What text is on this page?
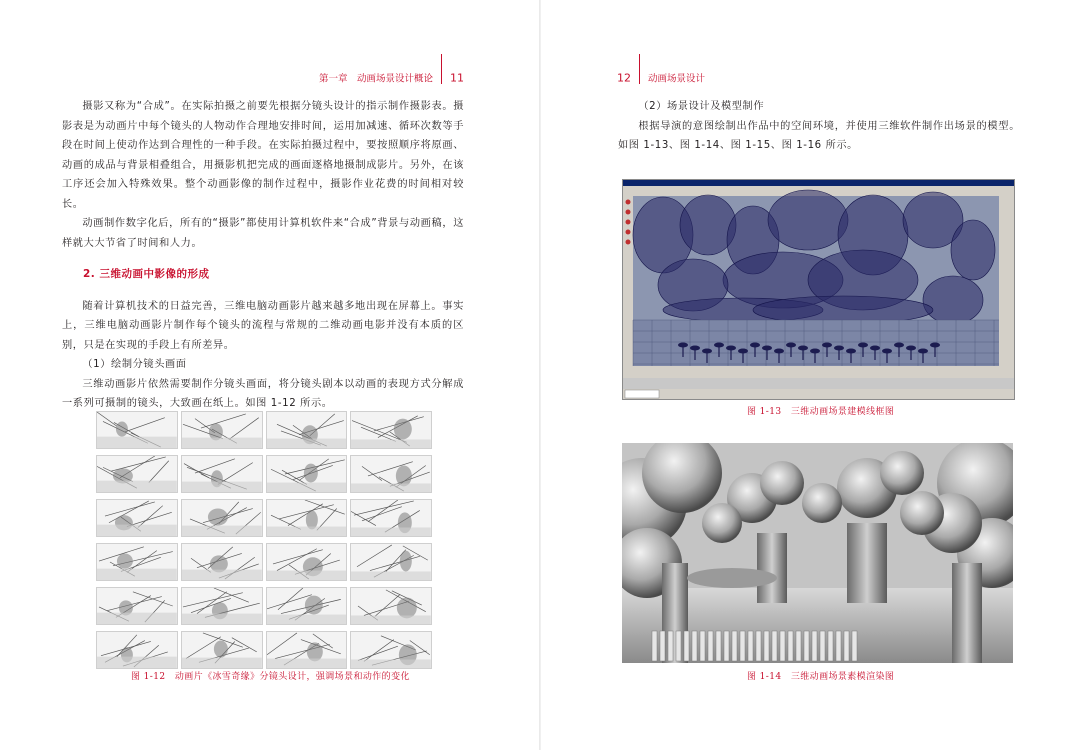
第一章　动画场景设计概论 11

摄影又称为“合成”。在实际拍摄之前要先根据分镜头设计的指示制作摄影表。摄影表是为动画片中每个镜头的人物动作合理地安排时间，运用加减速、循环次数等手段在时间上使动作达到合理性的一种手段。在实际拍摄过程中，要按照顺序将原画、动画的成品与背景相叠组合，用摄影机把完成的画面逐格地摄制成影片。另外，在该工序还会加入特殊效果。整个动画影像的制作过程中，摄影作业花费的时间相对较长。

动画制作数字化后，所有的“摄影”都使用计算机软件来“合成”背景与动画稿，这样就大大节省了时间和人力。

2. 三维动画中影像的形成

随着计算机技术的日益完善，三维电脑动画影片越来越多地出现在屏幕上。事实上，三维电脑动画影片制作每个镜头的流程与常规的二维动画电影并没有本质的区别，只是在实现的手段上有所差异。

（1）绘制分镜头画面

三维动画影片依然需要制作分镜头画面，将分镜头剧本以动画的表现方式分解成一系列可摄制的镜头，大致画在纸上。如图 1-12 所示。

图 1-12　动画片《冰雪奇缘》分镜头设计，强调场景和动作的变化
12 动画场景设计

（2）场景设计及模型制作

根据导演的意图绘制出作品中的空间环境，并使用三维软件制作出场景的模型。如图 1-13、图 1-14、图 1-15、图 1-16 所示。

图 1-13　三维动画场景建模线框图
图 1-14　三维动画场景素模渲染图
